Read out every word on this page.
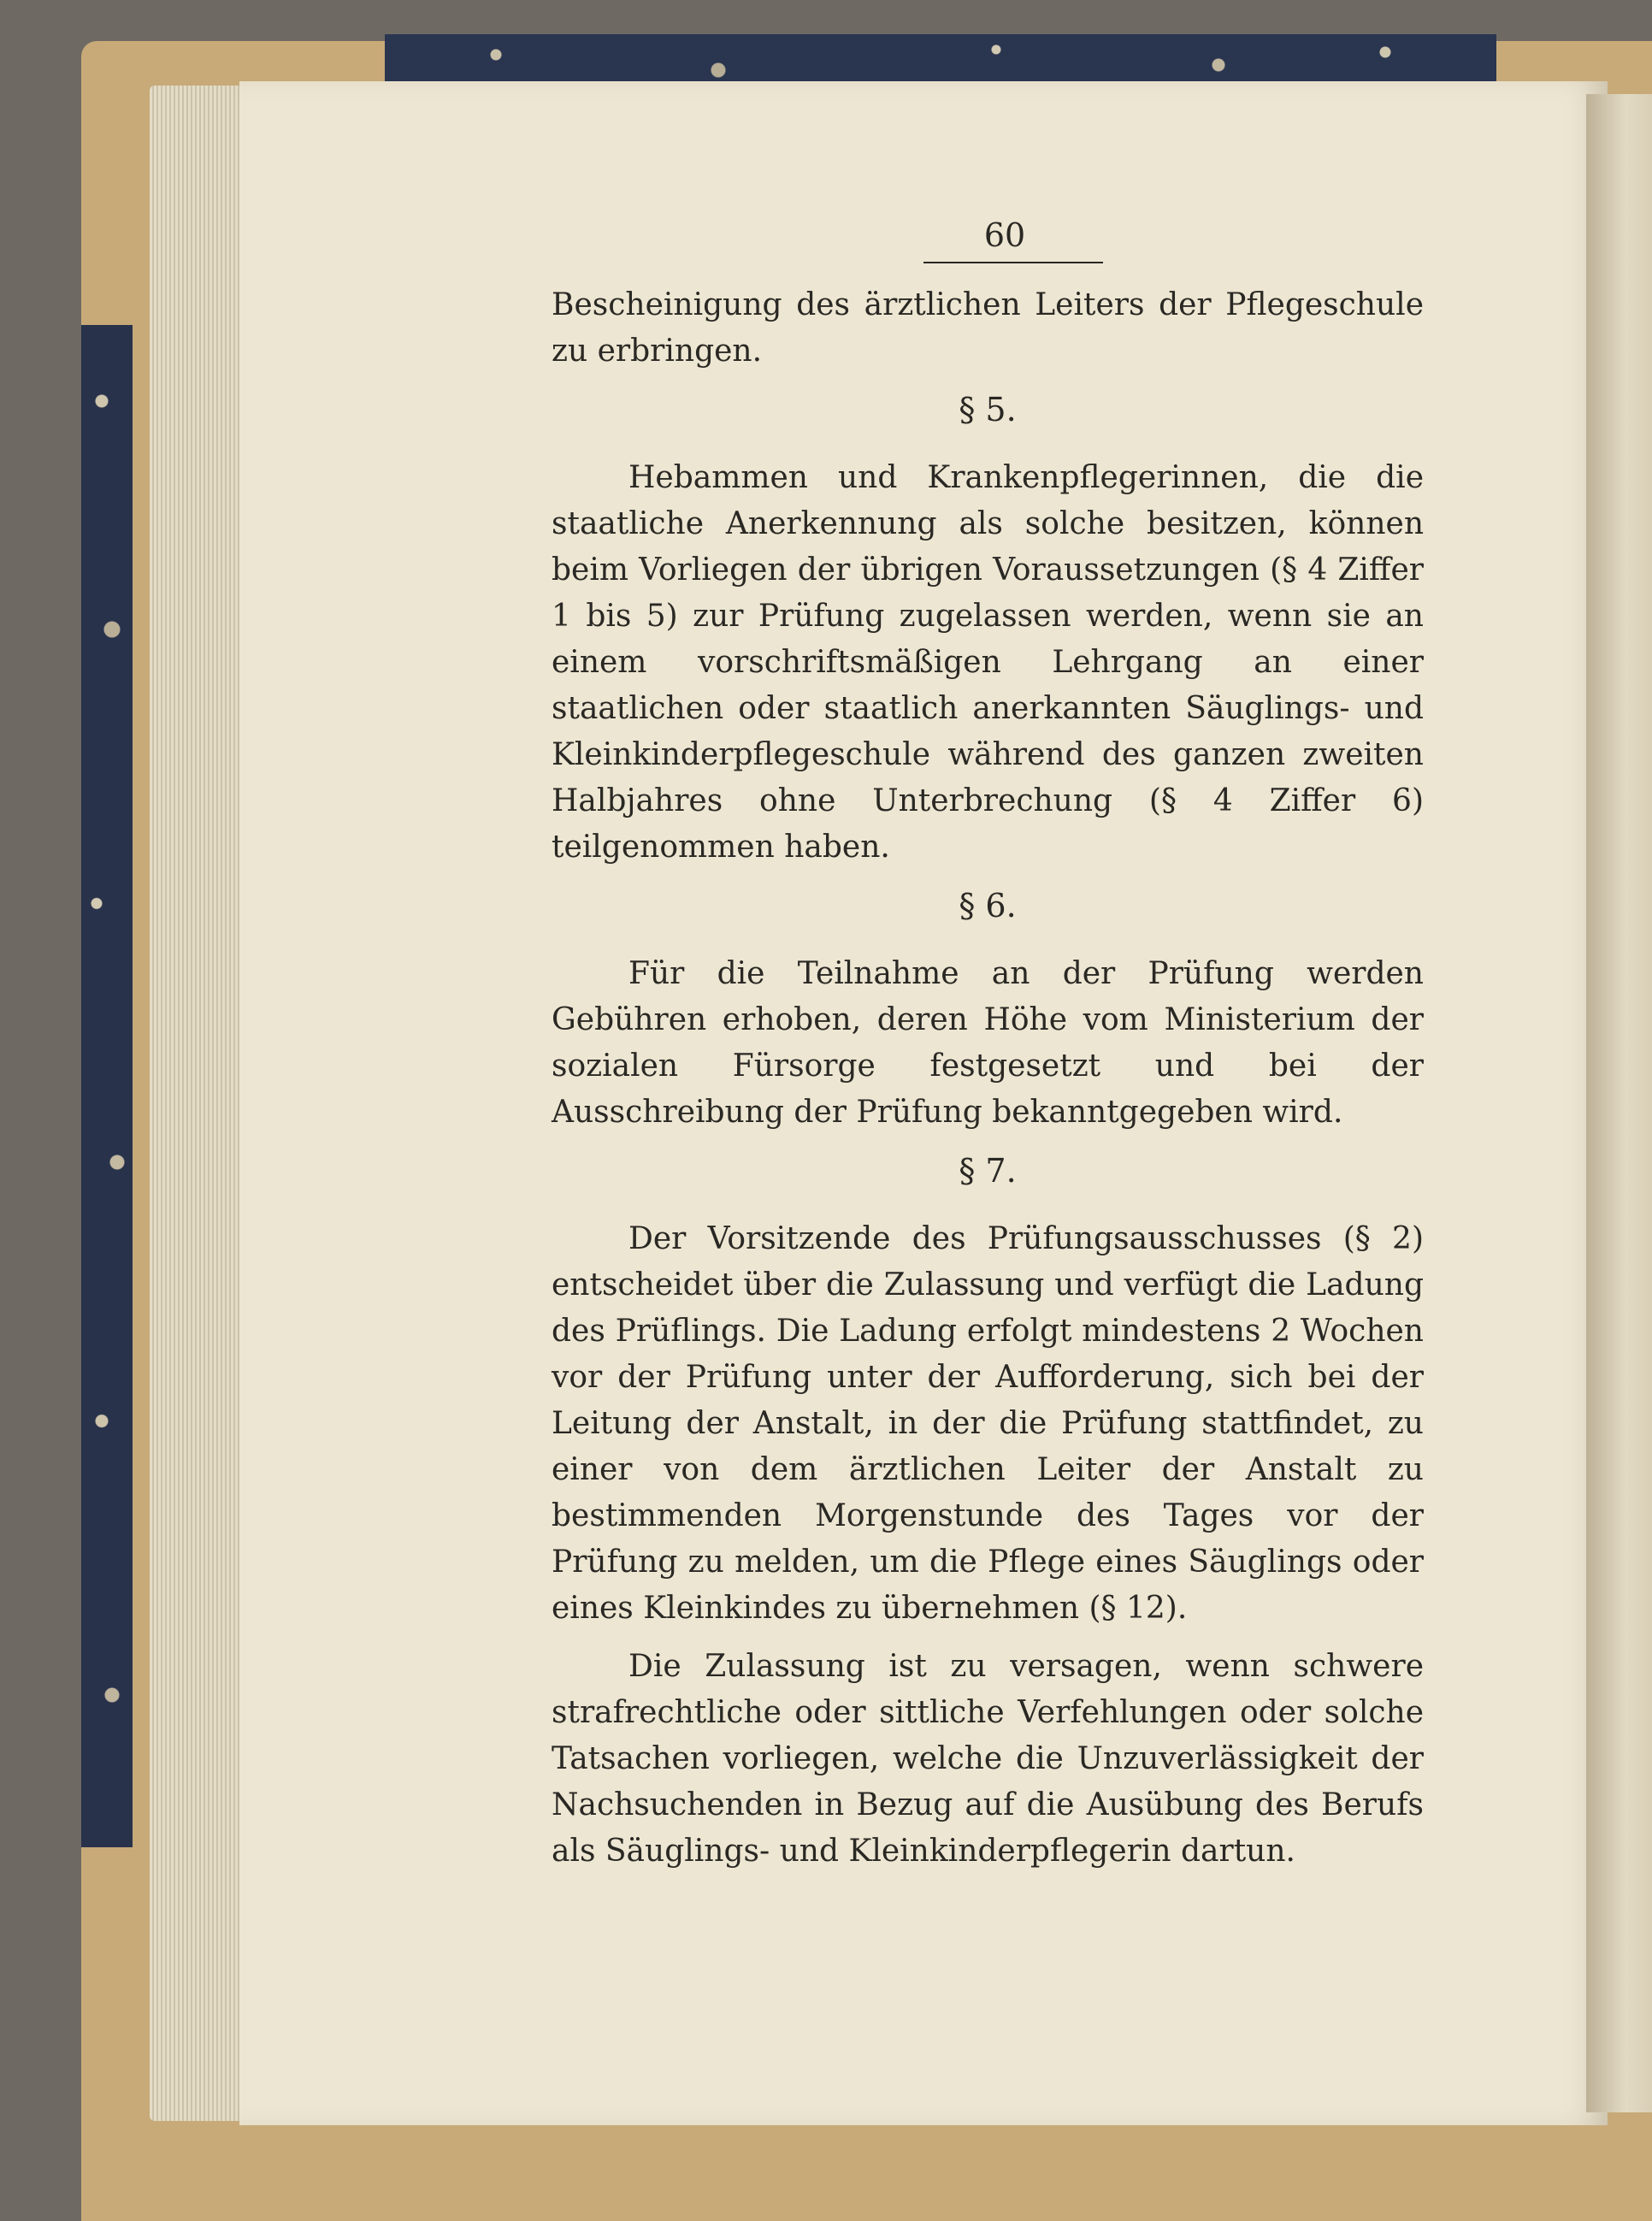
60

Bescheinigung des ärztlichen Leiters der Pflegeschule zu erbringen.

§ 5.

Hebammen und Krankenpflegerinnen, die die staatliche Anerkennung als solche besitzen, können beim Vorliegen der übrigen Voraussetzungen (§ 4 Ziffer 1 bis 5) zur Prüfung zugelassen werden, wenn sie an einem vorschriftsmäßigen Lehrgang an einer staatlichen oder staatlich anerkannten Säuglings- und Kleinkinderpflegeschule während des ganzen zweiten Halbjahres ohne Unterbrechung (§ 4 Ziffer 6) teilgenommen haben.

§ 6.

Für die Teilnahme an der Prüfung werden Gebühren erhoben, deren Höhe vom Ministerium der sozialen Fürsorge festgesetzt und bei der Ausschreibung der Prüfung bekanntgegeben wird.

§ 7.

Der Vorsitzende des Prüfungsausschusses (§ 2) entscheidet über die Zulassung und verfügt die Ladung des Prüflings. Die Ladung erfolgt mindestens 2 Wochen vor der Prüfung unter der Aufforderung, sich bei der Leitung der Anstalt, in der die Prüfung stattfindet, zu einer von dem ärztlichen Leiter der Anstalt zu bestimmenden Morgenstunde des Tages vor der Prüfung zu melden, um die Pflege eines Säuglings oder eines Kleinkindes zu übernehmen (§ 12).

Die Zulassung ist zu versagen, wenn schwere strafrechtliche oder sittliche Verfehlungen oder solche Tatsachen vorliegen, welche die Unzuverlässigkeit der Nachsuchenden in Bezug auf die Ausübung des Berufs als Säuglings- und Kleinkinderpflegerin dartun.
